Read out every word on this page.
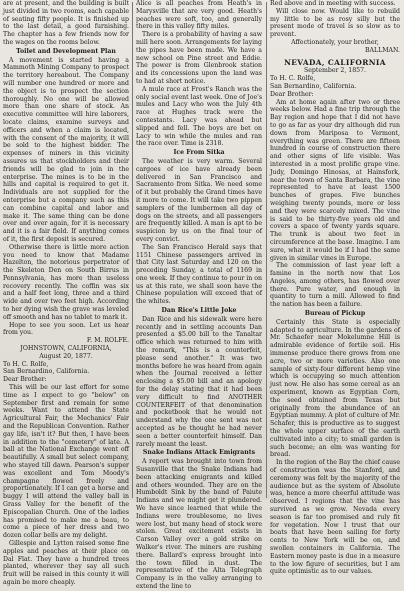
are at present, and the building is built just divided in two rooms, each capable of seating fifty people. It is finished up to the last detail, a good furnishing. The chapter has a few friends now for the wages on the rooms below.

Toilet and Development Plan

A movement is started having a Mammoth Mining Company to prospect the territory hereabout. The Company will number one hundred or more and the object is to prospect the section thoroughly. No one will be allowed more than one share of stock. An executive committee will hire laborers, locate claims, examine surveys and officers and when a claim is located, with the consent of the majority, it will be sold to the highest bidder. The expenses of miners in this vicinity assures us that stockholders and their friends will be glad to join in the enterprise. The mines is to be in the hills and capital is required to get it. Individuals are not supplied for the enterprise but a company such as this can combine capital and labor and make it. The same thing can be done over and over again, for it is necessary and it is a fair field. If anything comes of it, the first deposit is secured.

Otherwise there is little more action you need to know that Madame Hazelton, the notorious perpetrator of the Skeleton Den on South Birrus in Pennsylvania, has more than useless recovery recently. The coffin was six and a half feet long, three and a third wide and over two feet high. According to her dying wish the grave was leveled off smooth and has no tablet to mark it.

Hope to see you soon. Let us hear from you.

F. M. ROLFE.

JOHNSTOWN, CALIFORNIA,

August 20, 1877.

To H. C. Rolfe,

San Bernardino, California.

Dear Brother:

This will be our last effort for some time as I expect to go "below" on September first and remain for some weeks. Want to attend the State Agricultural Fair, the Mechanics' Fair and the Republican Convention. Rather gay life, isn't it? But then, I have been in addition to the "cemetery" of late. A ball at the National Exchange went off beautifully. A small but select company, who stayed till dawn. Pearson's supper was excellent and Tom Moody's champagne flowed freely and proportionately. If I can get a horse and buggy I will attend the valley ball in Grass Valley for the benefit of the Episcopalian Church. One of the ladies has promised to make me a beau, to come a piece of her dress and two dozen collar bells are my delight.

Gillespie and Lytton raised some fine apples and peaches at their place on Dal Flat. They have a hundred trees planted, wherever they say all such fruit will be raised in this county it will again be more cheaply.

Alice is all peaches from Heath's in Marysville that are very good. Heath's peaches were soft, too, and generally there in this valley fifty miles.

There is a probability of having a saw mill here soon. Arrangements for laying the pipes have been made. We have a new school on Pine street and Eddie. The power is from Glenbrook station and its concessions upon the land was to had at short notice.

A mule race at Frost's Ranch was the only social event last week. One of Joe's mules and Lacy who won the July 4th race at Hughes track were the contestants. Lacy was ahead but slipped and fell. The boys are bet on Lacy to win while the mules and ran the race over. Time is 2318.

Ice From Sitka

The weather is very warm. Several cargoes of ice have already been delivered in San Francisco and Sacramento from Sitka. We need some of it but probably the Grand times have it more to come. It will take two pippen samplers of the lumbermen all day of dogs on the streets, and all passengers are frequently killed. A man is apt to be suspicion by us on the final tour of every convict.

The San Francisco Herald says that 1151 Chinese passengers arrived in that City last Saturday and 120 on the preceding Sunday, a total of 1169 in one week. If they continue to pour in on us at this rate, we shall soon have the Chinese population will exceed that of the whites.

Dan Rice's Little Joke

Dan Rice and his sidewalk were here recently and in settling accounts Dan presented a $5.00 bill to the Tanaltar office which was returned to him with the remark, "This is a counterfeit, please send another." It was two months before he was heard from again when the Journal received a letter enclosing a $5.00 bill and an apology for the delay stating that it had been very difficult to find ANOTHER COUNTERFEIT of that denomination and pocketbook that he would not understand why the one sent was not accepted as he thought he had never seen a better counterfeit himself. Dan rarely meant the least.

Snake Indians Attack Emigrants

A report was brought into town from Susanville that the Snake Indians had been attacking emigrants and killed and others wounded. They are on the Humboldt Sink by the band of Paiute Indians and we might get it plundered. We have since learned that while the Indians were troublesome, no lives were lost, but many head of stock were stolen. Great excitement exists in Carson Valley over a gold strike on Walker's river. The miners are rushing there. Ballard's express brought into the town filled in dust. The representative of the Alta Telegraph Company is in the valley arranging to extend the line to

Red above and in meeting with success.

Will close now. Would like to rebuild my little to be as rosy silly but the present mode of travel is so slow as to prevent.

Affectionately, your brother,

BALLMAN.

NEVADA, CALIFORNIA

September 2, 1857.

To H. C. Rolfe,

San Bernardino, California.

Dear Brother:

Am at home again after two or three weeks below. Had a fine trip through the Bay region and hope that I did not have to go as far as your dry although did run down from Mariposa to Vermont, everything was green. There are fifteen hundred in course of construction there and other signs of life visible. Was interested in a most prolific grape vine. Judy, Domingo Hinosas, at Hainsfork, near the town of Santa Barbara, the vine represented to have at least 1500 bunches of grapes. Five bunches weighing twenty pounds, more or less and they were scarcely mixed. The vine is said to be thirty-five years old and covers a space of twenty yards square. The trunk is about two feet in circumference at the base. Imagine. I am sure, what it would be if I had the same given in similar vines in Europe.

The commission of last year left a famine in the north now that Los Angeles, among others, has flowed over there. Pure water, and enough in quantity to turn a mill. Allowed to find the nation has been a failure.

Bureau of Pickup

Certainly this State is especially adapted to agriculture. In the gardens of Mr. Schaefer near Mokelumne Hill is admirable evidence of fertile soil. His immense produce there grows from one acre, two or more varieties. Also one sample of sixty-four different hemp vine which is occupying so much attention just now. He also has some cereal as an experiment, known as Egyptian Corn, the seed obtained from Texas but originally from the abundance of an Egyptian mummy. A plot of culture of Mr. Schafer, this is productive as to suggest the whole upper surface of the earth cultivated into a city; to small garden is such become; an elm was wanting for bread.

In the region of the Bay the chief cause of construction was the Stanford, and ceremony was felt by the majority of the audience but as the system of Absolute was, hence a more cheerful attitude was observed. I regions that the vine has survived as we grow. Nevada every season is far too promised and ruly fit for vegetation. Now I trust that our boats that have been sailing for forty cents to New York will be on, and swollen containers in California. The Eastern money paste is due in a measure to the low figure of securities, but I am quite optimistic as to our values.
